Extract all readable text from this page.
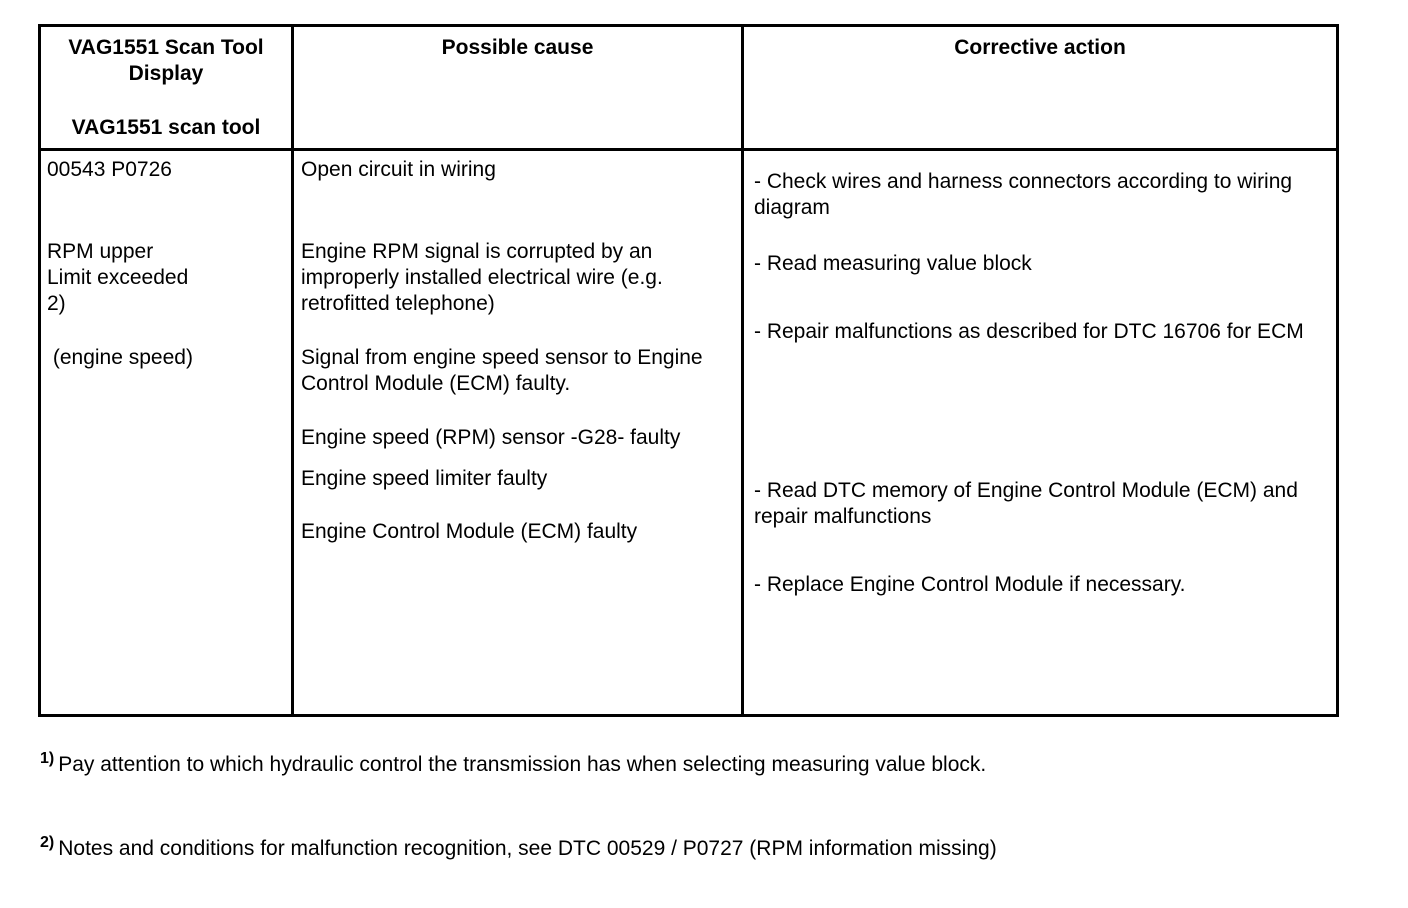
VAG1551 Scan Tool Display
VAG1551 scan tool
Possible cause	Corrective action
00543 P0726
RPM upper
Limit exceeded
2)
(engine speed)
Open circuit in wiring
Engine RPM signal is corrupted by an improperly installed electrical wire (e.g. retrofitted telephone)
Signal from engine speed sensor to Engine Control Module (ECM) faulty.
Engine speed (RPM) sensor -G28- faulty
Engine speed limiter faulty
Engine Control Module (ECM) faulty
- Check wires and harness connectors according to wiring diagram
- Read measuring value block
- Repair malfunctions as described for DTC 16706 for ECM
- Read DTC memory of Engine Control Module (ECM) and repair malfunctions
- Replace Engine Control Module if necessary.
$^{1)}$ Pay attention to which hydraulic control the transmission has when selecting measuring value block.
$^{2)}$ Notes and conditions for malfunction recognition, see DTC 00529 / P0727 (RPM information missing)
